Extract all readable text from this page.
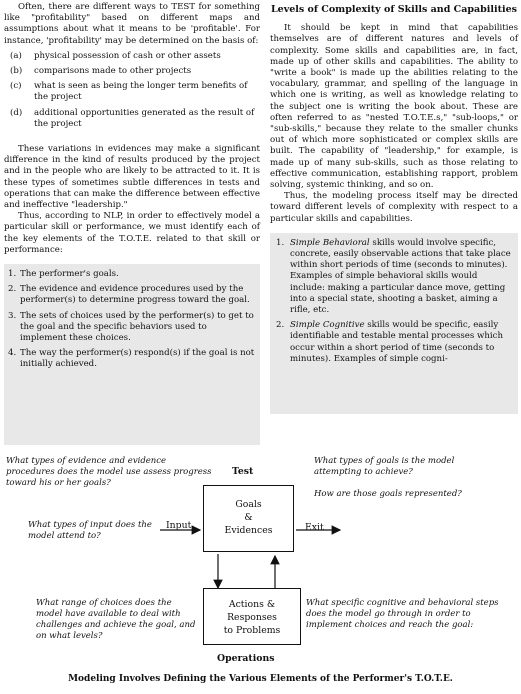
Often, there are different ways to TEST for something like "profitability" based on different maps and assumptions about what it means to be 'profitable'. For instance, 'profitability' may be determined on the basis of:

(a)	physical possession of cash or other assets
(b)	comparisons made to other projects
(c)	what is seen as being the longer term benefits of the project
(d)	additional opportunities generated as the result of the project

These variations in evidences may make a significant difference in the kind of results produced by the project and in the people who are likely to be attracted to it. It is these types of sometimes subtle differences in tests and operations that can make the difference between effective and ineffective "leadership."

Thus, according to NLP, in order to effectively model a particular skill or performance, we must identify each of the key elements of the T.O.T.E. related to that skill or performance:

1. The performer's goals.
2. The evidence and evidence procedures used by the performer(s) to determine progress toward the goal.
3. The sets of choices used by the performer(s) to get to the goal and the specific behaviors used to implement these choices.
4. The way the performer(s) respond(s) if the goal is not initially achieved.
Levels of Complexity of Skills and Capabilities

It should be kept in mind that capabilities themselves are of different natures and levels of complexity. Some skills and capabilities are, in fact, made up of other skills and capabilities. The ability to "write a book" is made up the abilities relating to the vocabulary, grammar, and spelling of the language in which one is writing, as well as knowledge relating to the subject one is writing the book about. These are often referred to as "nested T.O.T.E.s," "sub-loops," or "sub-skills," because they relate to the smaller chunks out of which more sophisticated or complex skills are built. The capability of "leadership," for example, is made up of many sub-skills, such as those relating to effective communication, establishing rapport, problem solving, systemic thinking, and so on.

Thus, the modeling process itself may be directed toward different levels of complexity with respect to a particular skills and capabilities.

1. Simple Behavioral skills would involve specific, concrete, easily observable actions that take place within short periods of time (seconds to minutes). Examples of simple behavioral skills would include: making a particular dance move, getting into a special state, shooting a basket, aiming a rifle, etc.
2. Simple Cognitive skills would be specific, easily identifiable and testable mental processes which occur within a short period of time (seconds to minutes). Examples of simple cogni-
What types of evidence and evidence procedures does the model use assess progress toward his or her goals?
Test
What types of goals is the model attempting to achieve?
How are those goals represented?
What types of input does the model attend to?
Input
Goals
&
Evidences	Exit
What range of choices does the model have available to deal with challenges and achieve the goal, and on what levels?
Actions &
Responses
to Problems
What specific cognitive and behavioral steps does the model go through in order to implement choices and reach the goal:
Operations
Modeling Involves Defining the Various Elements of the Performer's T.O.T.E.
